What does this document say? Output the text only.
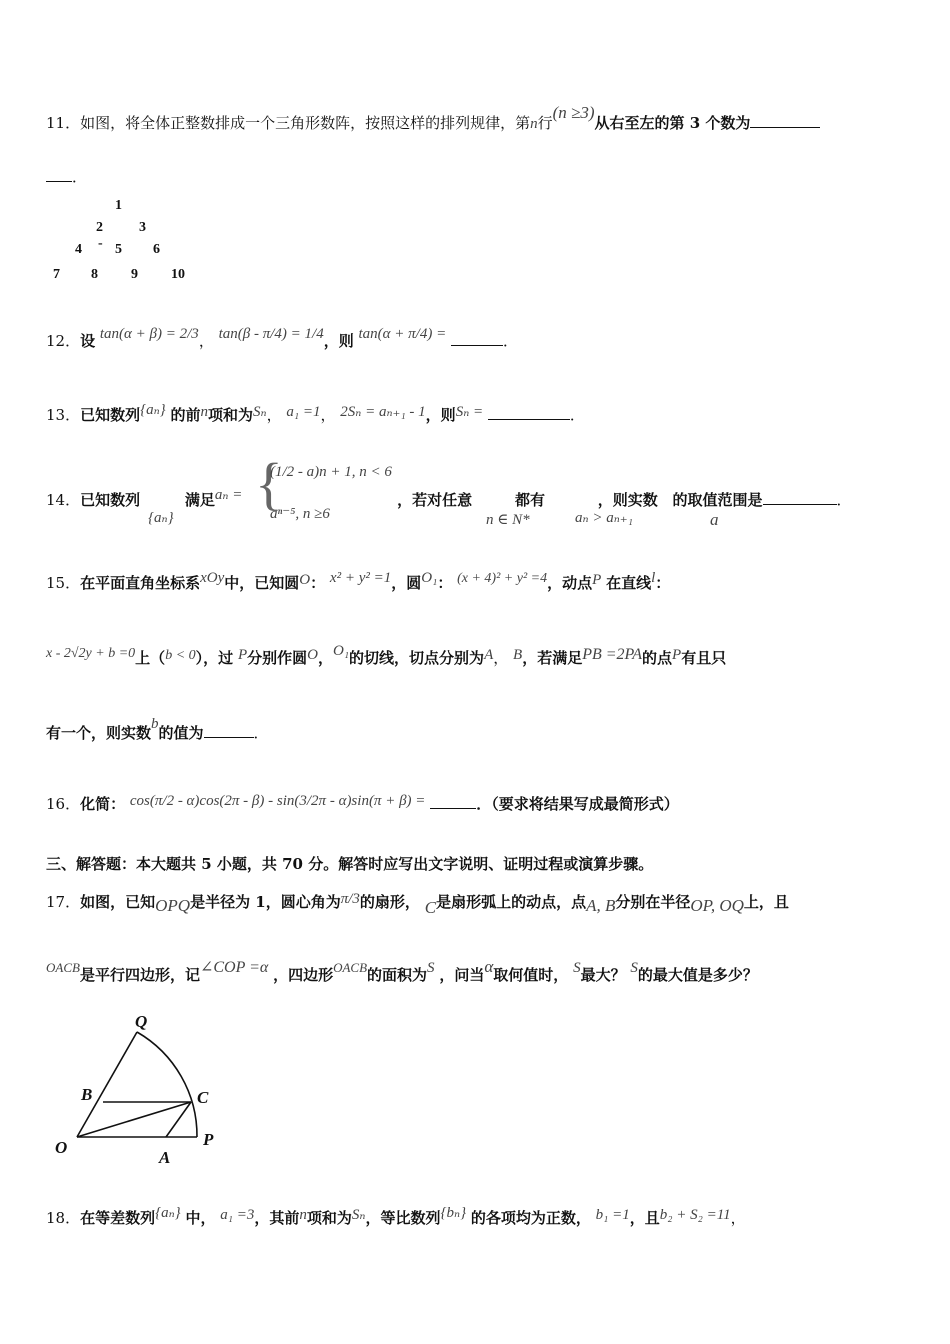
11．如图，将全体正整数排成一个三角形数阵，按照这样的排列规律，第n行(n ≥3)从右至左的第 3 个数为
．
1
2	3
4 - 5 6
7 8 9 10
12．设 tan(α + β) = 2/3， tan(β - π/4) = 1/4，则 tan(α + π/4) =	．
13．已知数列{aₙ} 的前n项和为Sₙ， a₁ =1， 2Sₙ = aₙ₊₁ - 1，则Sₙ =	．
14．已知数列	满足aₙ =	，若对任意	都有	，则实数 的取值范围是	．
{aₙ}
{
(1/2 - a)n + 1, n < 6
aⁿ⁻⁵, n ≥6	n ∈ N*	aₙ > aₙ₊₁	a
15．在平面直角坐标系xOy中，已知圆O： x² + y² =1，圆O₁： (x + 4)² + y² =4，动点P 在直线l：
x - 2√2y + b =0上（b < 0），过 P分别作圆O，O₁的切线，切点分别为A， B，若满足PB =2PA的点P有且只
有一个，则实数b的值为	．
16．化简： cos(π/2 - α)cos(2π - β) - sin(3/2π - α)sin(π + β) =	．（要求将结果写成最简形式）
三、解答题：本大题共 5 小题，共 70 分。解答时应写出文字说明、证明过程或演算步骤。
17．如图，已知OPQ是半径为 1，圆心角为π/3的扇形， C是扇形弧上的动点，点A, B分别在半径OP, OQ上，且
OACB是平行四边形，记∠COP =α ，四边形OACB的面积为S ，问当α取何值时， S最大？ S的最大值是多少？
Q
B	C
O
A
P
18．在等差数列{aₙ} 中， a₁ =3，其前n项和为Sₙ，等比数列{bₙ} 的各项均为正数， b₁ =1，且b₂ + S₂ =11，
